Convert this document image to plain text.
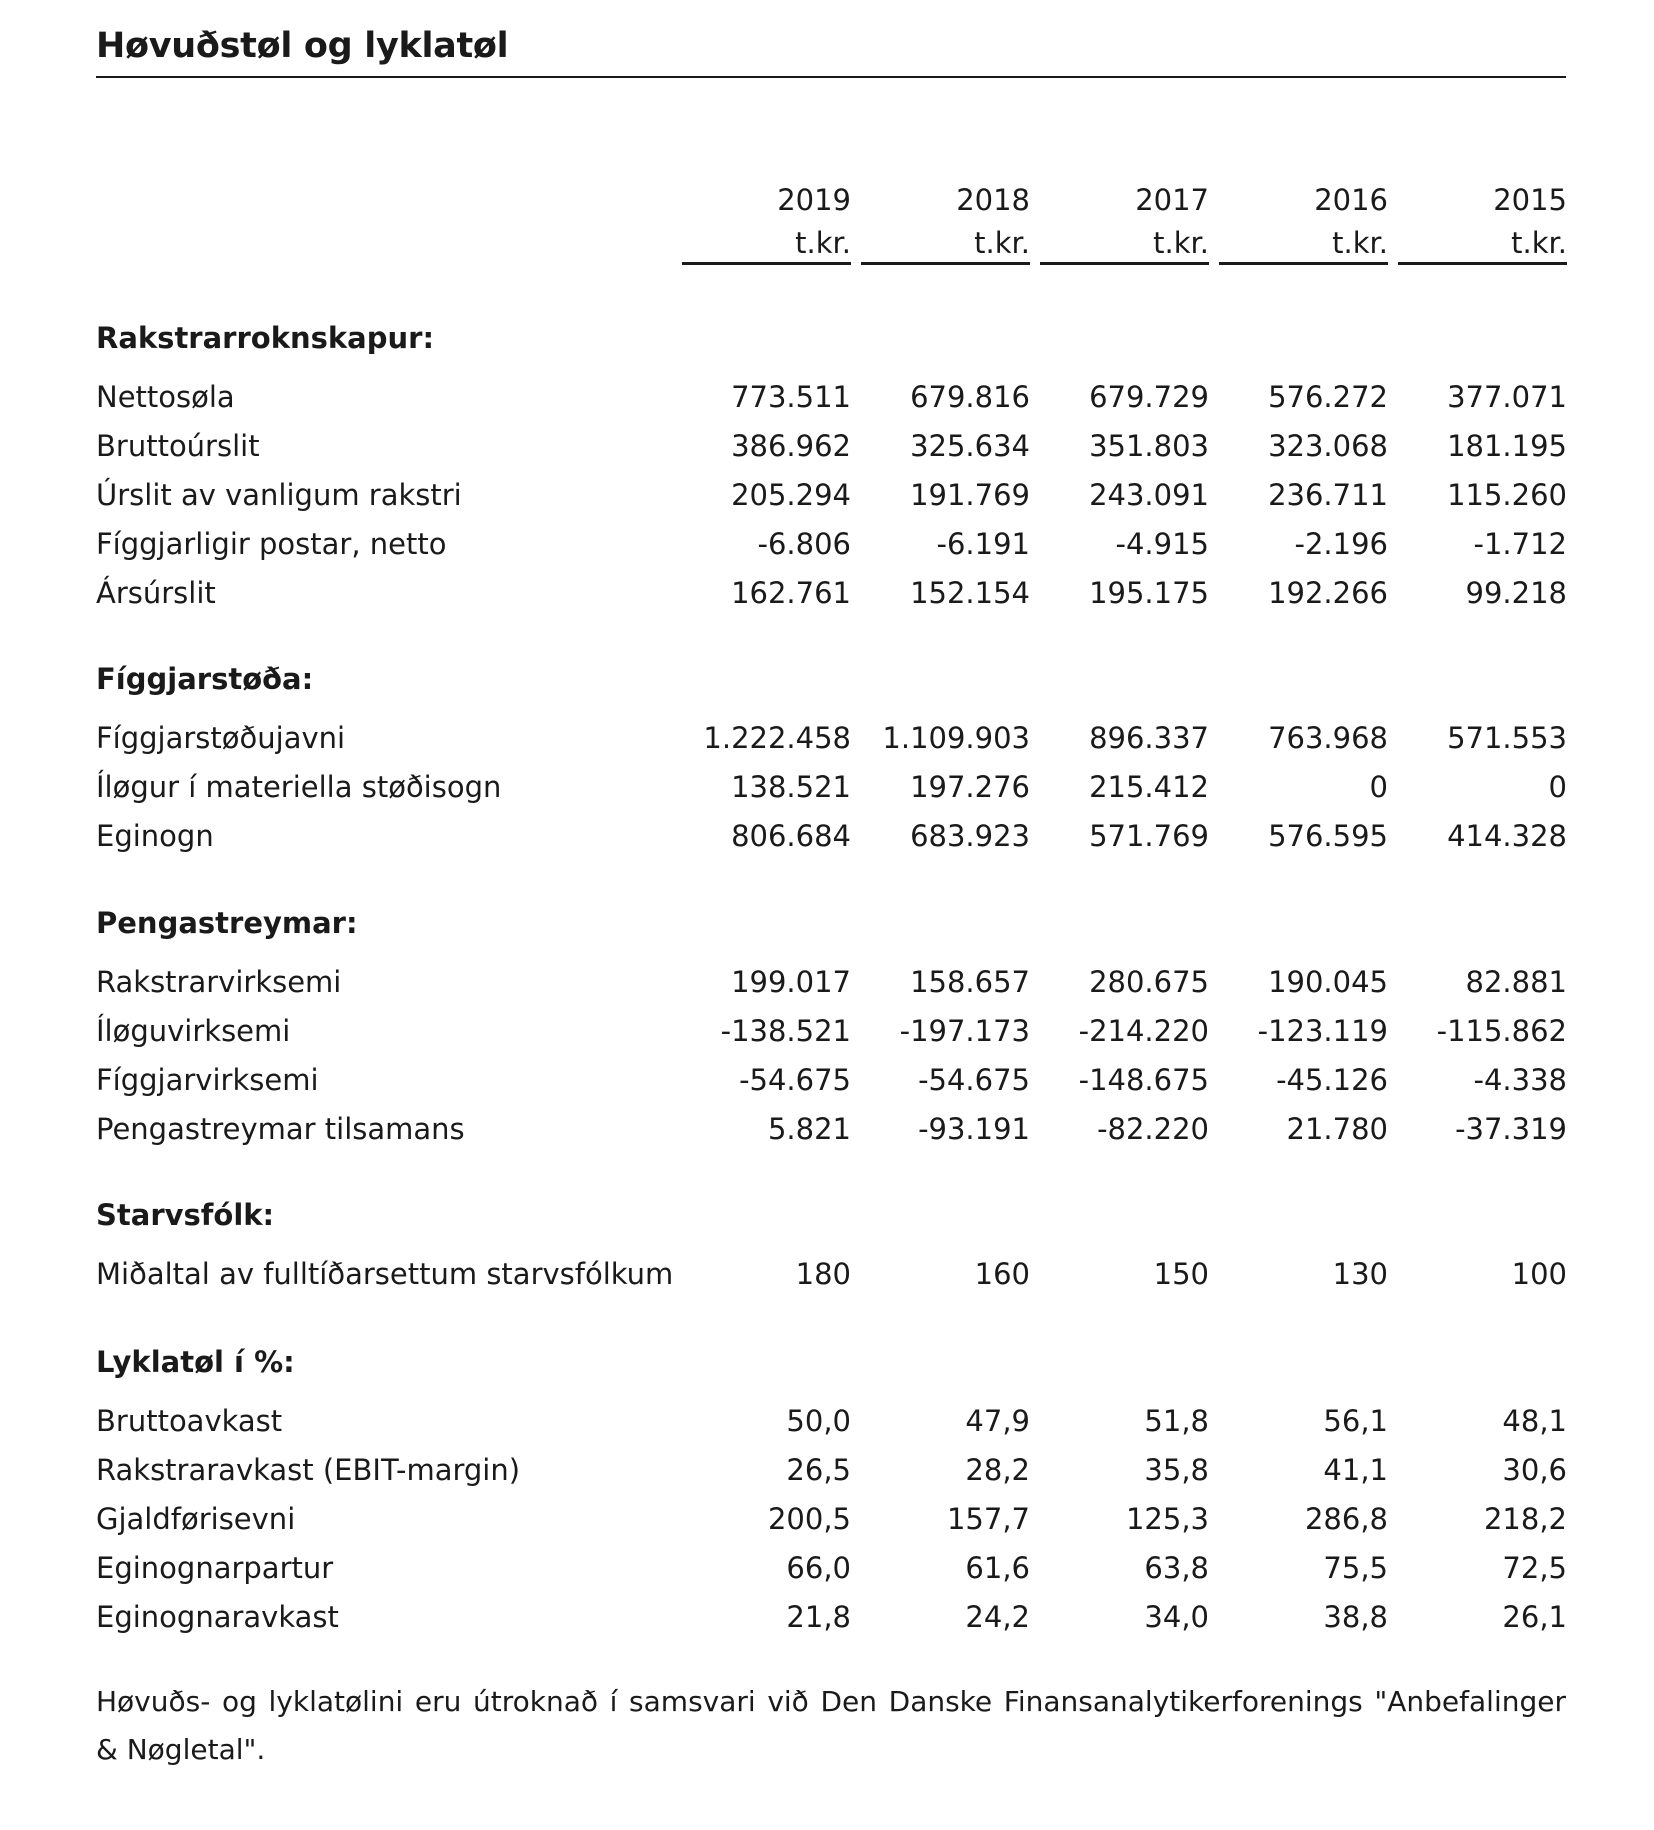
Høvuðstøl og lyklatøl
2019	2018	2017	2016	2015
t.kr.	t.kr.	t.kr.	t.kr.	t.kr.
Rakstrarroknskapur:
Nettosøla	773.511	679.816	679.729	576.272	377.071
Bruttoúrslit	386.962	325.634	351.803	323.068	181.195
Úrslit av vanligum rakstri	205.294	191.769	243.091	236.711	115.260
Fíggjarligir postar, netto	-6.806	-6.191	-4.915	-2.196	-1.712
Ársúrslit	162.761	152.154	195.175	192.266	99.218
Fíggjarstøða:
Fíggjarstøðujavni	1.222.458	1.109.903	896.337	763.968	571.553
Íløgur í materiella støðisogn	138.521	197.276	215.412	0	0
Eginogn	806.684	683.923	571.769	576.595	414.328
Pengastreymar:
Rakstrarvirksemi	199.017	158.657	280.675	190.045	82.881
Íløguvirksemi	-138.521	-197.173	-214.220	-123.119	-115.862
Fíggjarvirksemi	-54.675	-54.675	-148.675	-45.126	-4.338
Pengastreymar tilsamans	5.821	-93.191	-82.220	21.780	-37.319
Starvsfólk:
Miðaltal av fulltíðarsettum starvsfólkum	180	160	150	130	100
Lyklatøl í %:
Bruttoavkast	50,0	47,9	51,8	56,1	48,1
Rakstraravkast (EBIT-margin)	26,5	28,2	35,8	41,1	30,6
Gjaldførisevni	200,5	157,7	125,3	286,8	218,2
Eginognarpartur	66,0	61,6	63,8	75,5	72,5
Eginognaravkast	21,8	24,2	34,0	38,8	26,1
Høvuðs- og lyklatølini eru útroknað í samsvari við Den Danske Finansanalytikerforenings "Anbefalinger & Nøgletal".
